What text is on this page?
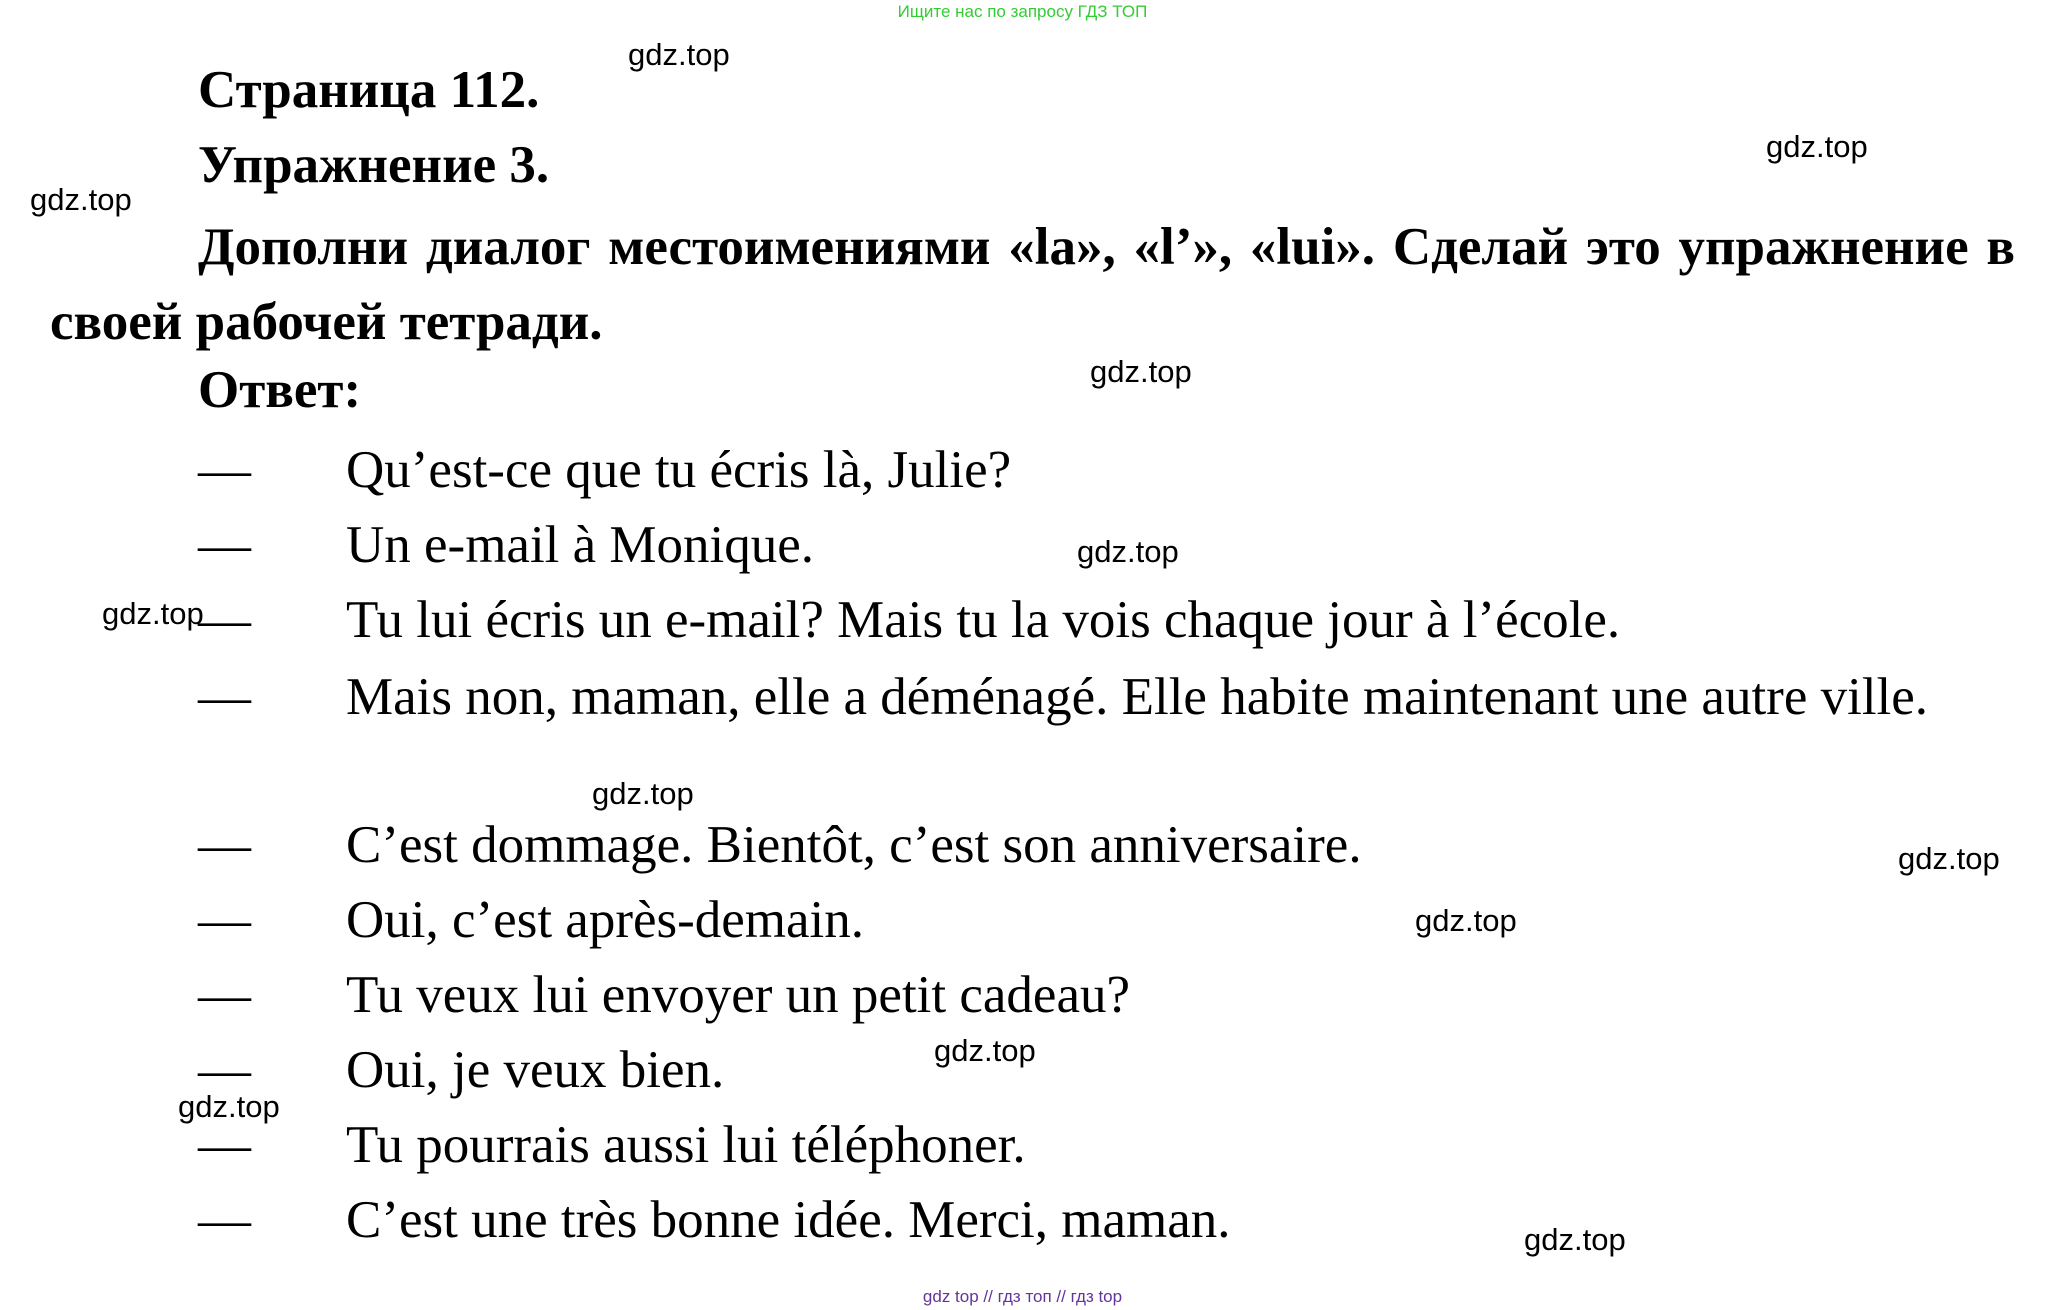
Ищите нас по запросу ГДЗ ТОП
Страница 112.
Упражнение 3.
Дополни диалог местоимениями «la», «l’», «lui». Сделай это упражнение в своей рабочей тетради.
Ответ:
— Qu’est-ce que tu écris là, Julie?
— Un e-mail à Monique.
— Tu lui écris un e-mail? Mais tu la vois chaque jour à l’école.
— Mais non, maman, elle a déménagé. Elle habite maintenant une autre ville.
— C’est dommage. Bientôt, c’est son anniversaire.
— Oui, c’est après-demain.
— Tu veux lui envoyer un petit cadeau?
— Oui, je veux bien.
— Tu pourrais aussi lui téléphoner.
— C’est une très bonne idée. Merci, maman.
gdz.top
gdz.top
gdz.top
gdz.top
gdz.top
gdz.top
gdz.top
gdz.top
gdz.top
gdz.top
gdz.top
gdz.top
gdz top // гдз топ // гдз top
